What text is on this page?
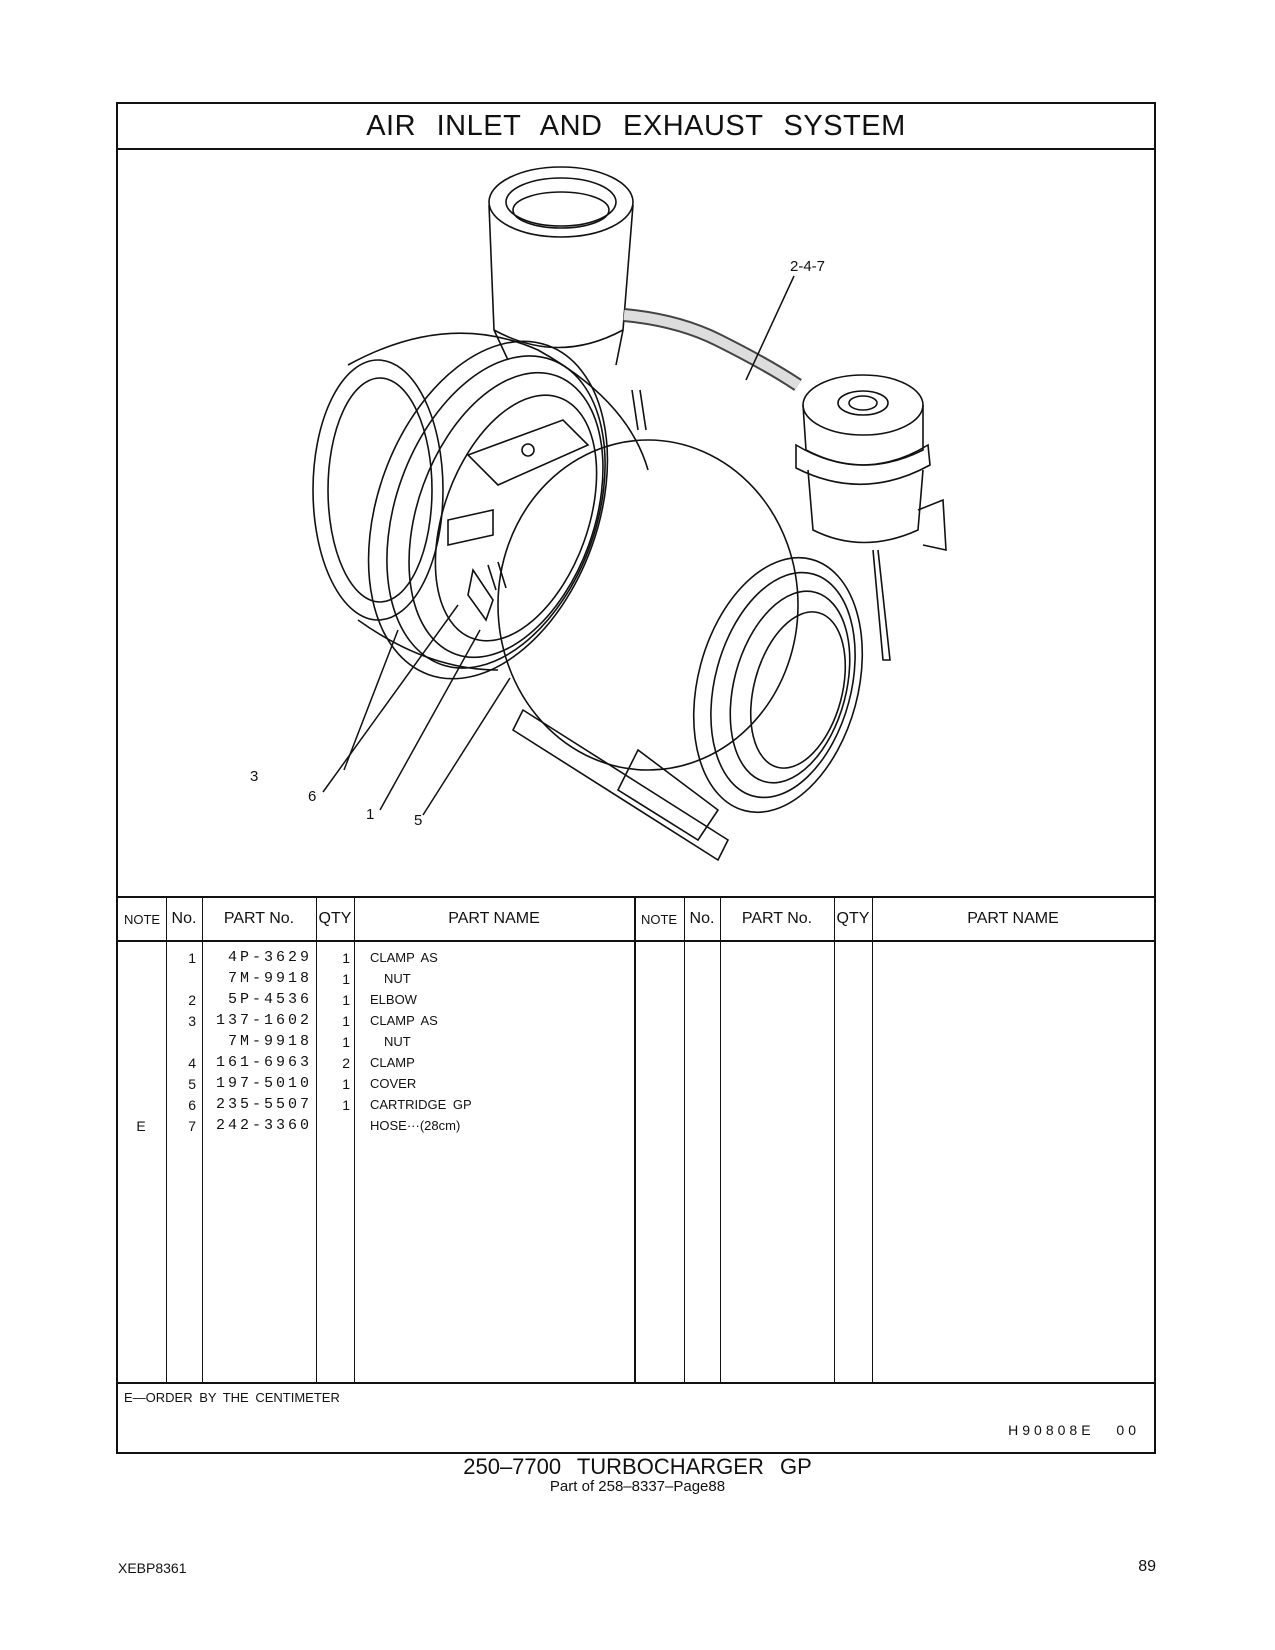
AIR INLET AND EXHAUST SYSTEM
2-4-7
3
6
1	5
NOTE No.	PART No.	QTY	PART NAME	NOTE No.	PART No.	QTY	PART NAME
1	4P-3629	1 CLAMP AS
7M-9918	1	NUT
2	5P-4536	1 ELBOW
3	137-1602	1 CLAMP AS
7M-9918	1	NUT
4	161-6963	2 CLAMP
5	197-5010	1 COVER
6	235-5507	1 CARTRIDGE GP
E	7	242-3360	HOSE···(28cm)
E—ORDER BY THE CENTIMETER
H90808E 00
250–7700 TURBOCHARGER GP
Part of 258–8337–Page88
XEBP8361	89
